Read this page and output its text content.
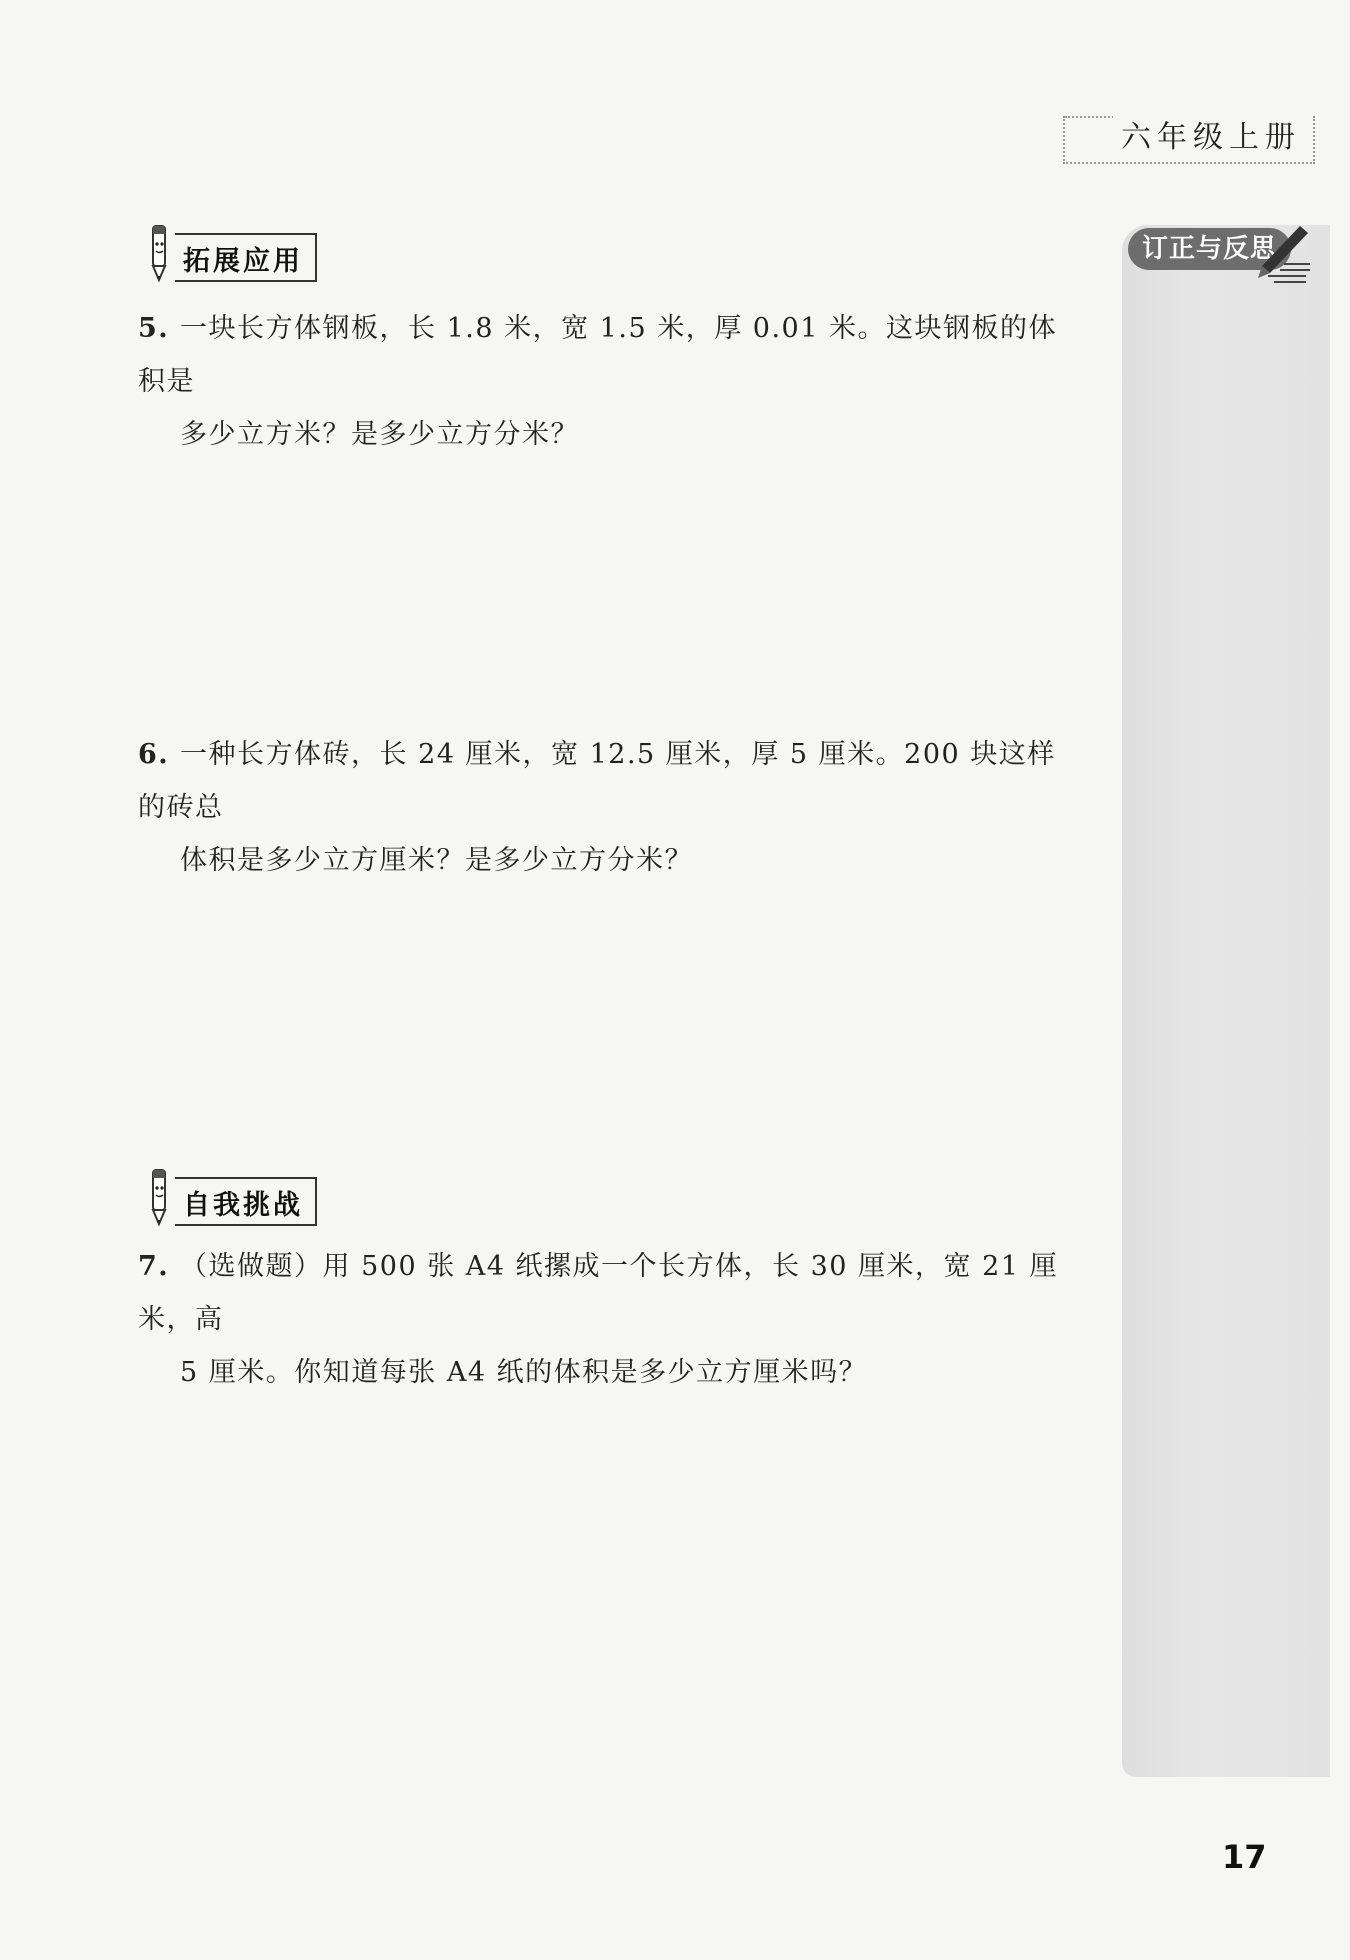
六年级上册
订正与反思
拓展应用
5. 一块长方体钢板，长 1.8 米，宽 1.5 米，厚 0.01 米。这块钢板的体积是
多少立方米？是多少立方分米？
6. 一种长方体砖，长 24 厘米，宽 12.5 厘米，厚 5 厘米。200 块这样的砖总
体积是多少立方厘米？是多少立方分米？
自我挑战
7. （选做题）用 500 张 A4 纸摞成一个长方体，长 30 厘米，宽 21 厘米，高
5 厘米。你知道每张 A4 纸的体积是多少立方厘米吗？
17
